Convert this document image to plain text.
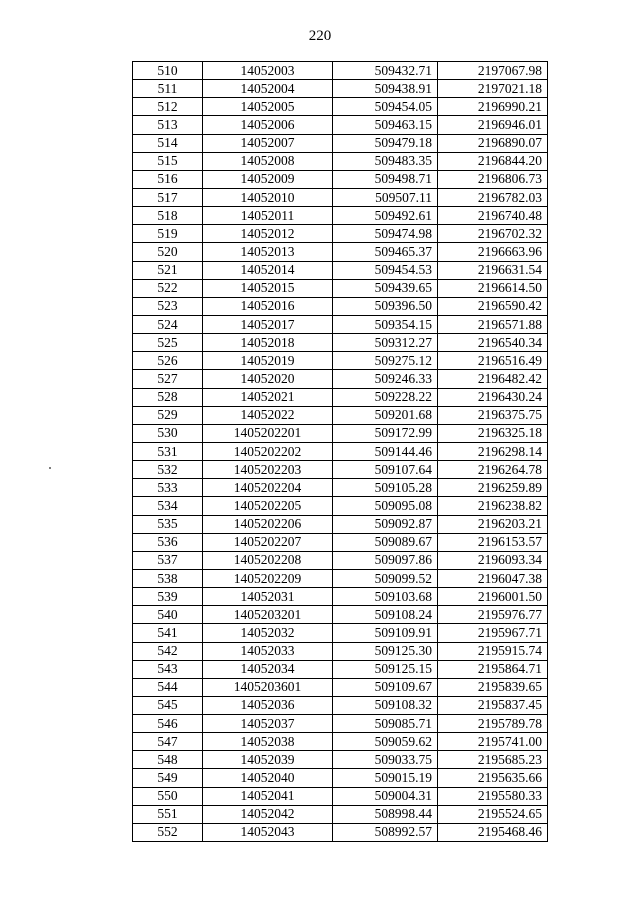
220
510	14052003	509432.71	2197067.98
511	14052004	509438.91	2197021.18
512	14052005	509454.05	2196990.21
513	14052006	509463.15	2196946.01
514	14052007	509479.18	2196890.07
515	14052008	509483.35	2196844.20
516	14052009	509498.71	2196806.73
517	14052010	509507.11	2196782.03
518	14052011	509492.61	2196740.48
519	14052012	509474.98	2196702.32
520	14052013	509465.37	2196663.96
521	14052014	509454.53	2196631.54
522	14052015	509439.65	2196614.50
523	14052016	509396.50	2196590.42
524	14052017	509354.15	2196571.88
525	14052018	509312.27	2196540.34
526	14052019	509275.12	2196516.49
527	14052020	509246.33	2196482.42
528	14052021	509228.22	2196430.24
529	14052022	509201.68	2196375.75
530	1405202201	509172.99	2196325.18
531	1405202202	509144.46	2196298.14
532	1405202203	509107.64	2196264.78
533	1405202204	509105.28	2196259.89
534	1405202205	509095.08	2196238.82
535	1405202206	509092.87	2196203.21
536	1405202207	509089.67	2196153.57
537	1405202208	509097.86	2196093.34
538	1405202209	509099.52	2196047.38
539	14052031	509103.68	2196001.50
540	1405203201	509108.24	2195976.77
541	14052032	509109.91	2195967.71
542	14052033	509125.30	2195915.74
543	14052034	509125.15	2195864.71
544	1405203601	509109.67	2195839.65
545	14052036	509108.32	2195837.45
546	14052037	509085.71	2195789.78
547	14052038	509059.62	2195741.00
548	14052039	509033.75	2195685.23
549	14052040	509015.19	2195635.66
550	14052041	509004.31	2195580.33
551	14052042	508998.44	2195524.65
552	14052043	508992.57	2195468.46
